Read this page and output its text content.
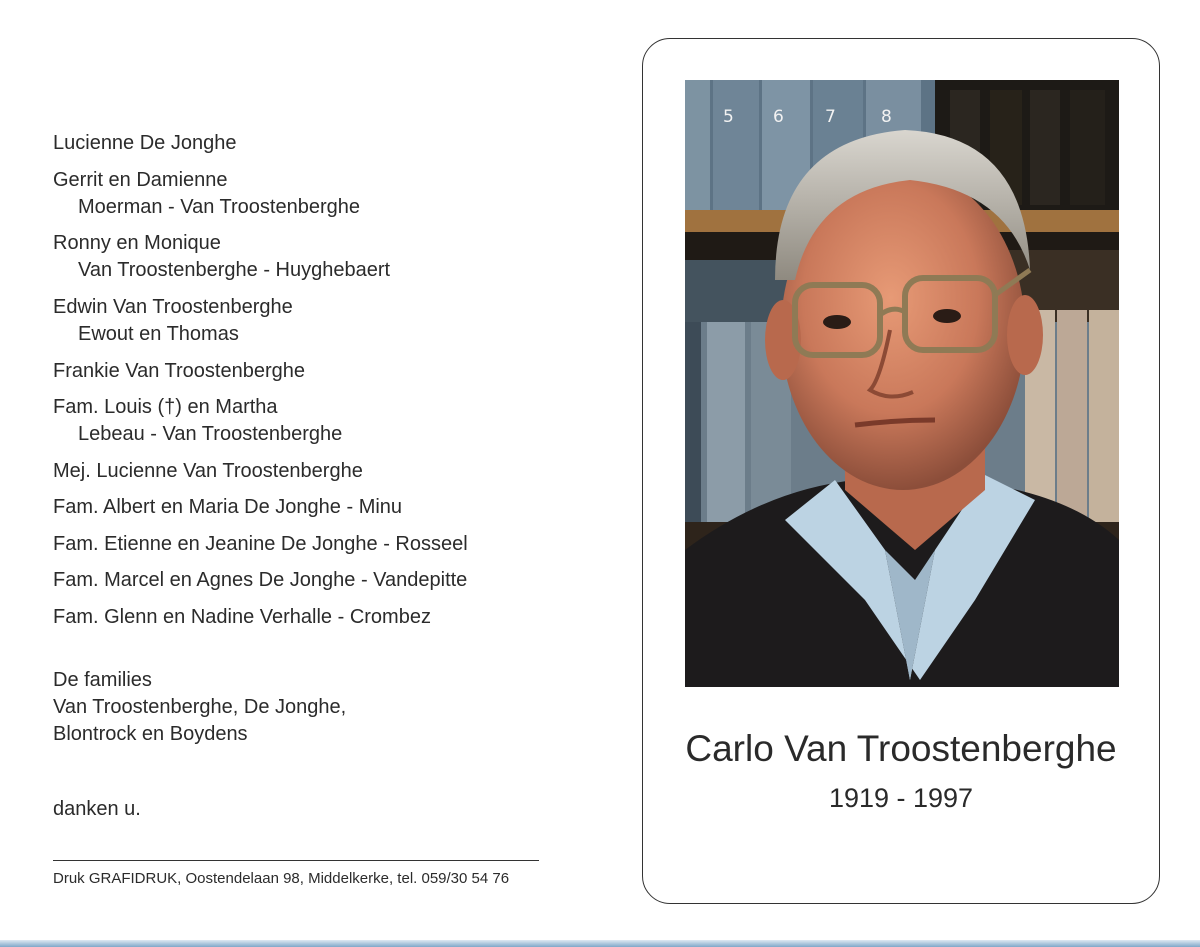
Lucienne De Jonghe
Gerrit en Damienne
Moerman - Van Troostenberghe
Ronny en Monique
Van Troostenberghe - Huyghebaert
Edwin Van Troostenberghe
Ewout en Thomas
Frankie Van Troostenberghe
Fam. Louis (†) en Martha
Lebeau - Van Troostenberghe
Mej. Lucienne Van Troostenberghe
Fam. Albert en Maria De Jonghe - Minu
Fam. Etienne en Jeanine De Jonghe - Rosseel
Fam. Marcel en Agnes De Jonghe - Vandepitte
Fam. Glenn en Nadine Verhalle - Crombez
De families
Van Troostenberghe, De Jonghe,
Blontrock en Boydens
danken u.
Druk GRAFIDRUK, Oostendelaan 98, Middelkerke, tel. 059/30 54 76
5 6 7	8
Carlo Van Troostenberghe
1919 - 1997
